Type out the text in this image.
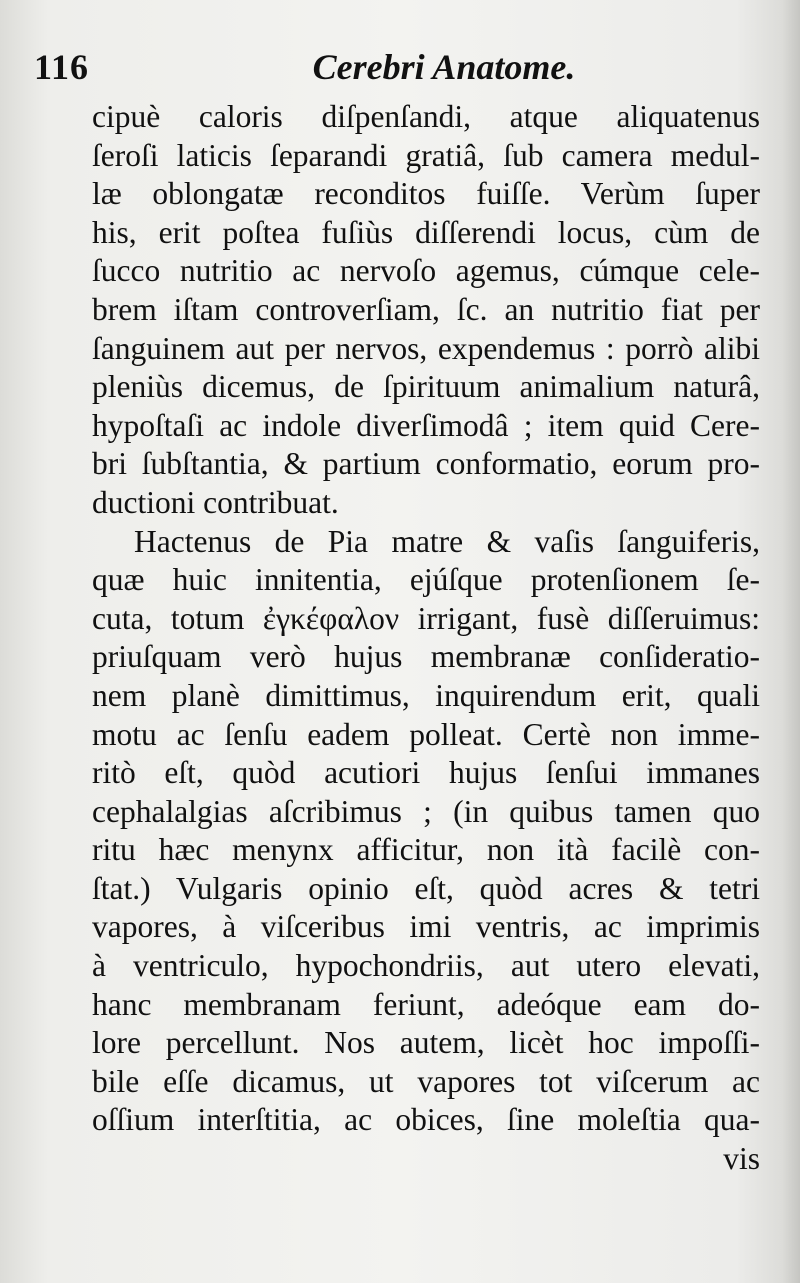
116	Cerebri Anatome.
cipuè caloris diſpenſandi, atque aliquatenus
ſeroſi laticis ſeparandi gratiâ, ſub camera medul-
læ oblongatæ reconditos fuiſſe. Verùm ſuper
his, erit poſtea fuſiùs diſſerendi locus, cùm de
ſucco nutritio ac nervoſo agemus, cúmque cele-
brem iſtam controverſiam, ſc. an nutritio fiat per
ſanguinem aut per nervos, expendemus : porrò alibi
pleniùs dicemus, de ſpirituum animalium naturâ,
hypoſtaſi ac indole diverſimodâ ; item quid Cere-
bri ſubſtantia, & partium conformatio, eorum pro-
ductioni contribuat.
Hactenus de Pia matre & vaſis ſanguiferis,
quæ huic innitentia, ejúſque protenſionem ſe-
cuta, totum ἐγκέφαλον irrigant, fusè diſſeruimus:
priuſquam verò hujus membranæ conſideratio-
nem planè dimittimus, inquirendum erit, quali
motu ac ſenſu eadem polleat. Certè non imme-
ritò eſt, quòd acutiori hujus ſenſui immanes
cephalalgias aſcribimus ; (in quibus tamen quo
ritu hæc menynx afficitur, non ità facilè con-
ſtat.) Vulgaris opinio eſt, quòd acres & tetri
vapores, à viſceribus imi ventris, ac imprimis
à ventriculo, hypochondriis, aut utero elevati,
hanc membranam feriunt, adeóque eam do-
lore percellunt. Nos autem, licèt hoc impoſſi-
bile eſſe dicamus, ut vapores tot viſcerum ac
oſſium interſtitia, ac obices, ſine moleſtia qua-
vis
